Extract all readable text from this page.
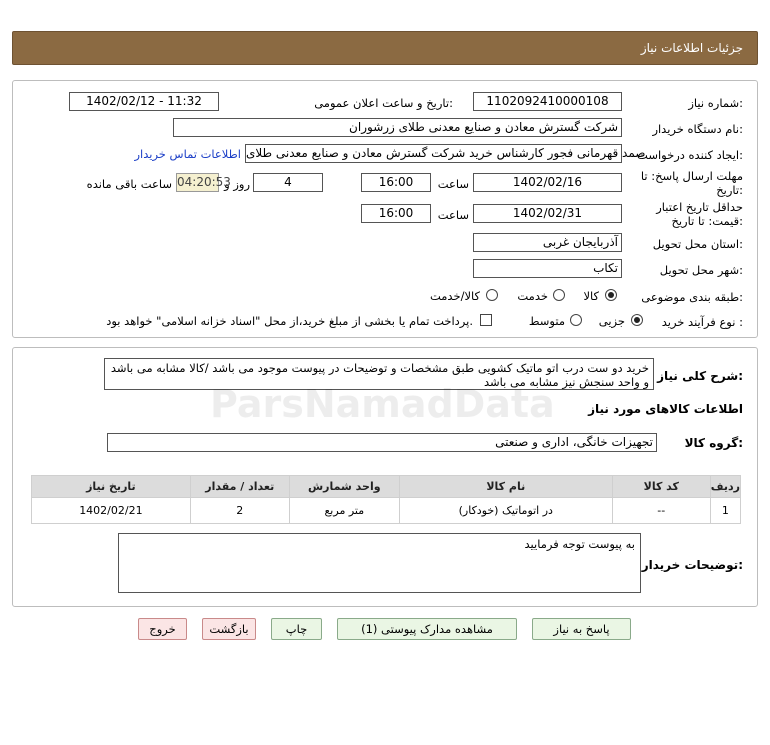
جزئیات اطلاعات نیاز
شماره نیاز:
1102092410000108
تاریخ و ساعت اعلان عمومی:
1402/02/12 - 11:32
نام دستگاه خریدار:
شرکت گسترش معادن و صنایع معدنی طلای زرشوران
ایجاد کننده درخواست:
صمد قهرمانی فجور کارشناس خرید شرکت گسترش معادن و صنایع معدنی طلای
اطلاعات تماس خریدار
مهلت ارسال پاسخ: تا
تاریخ:
1402/02/16
ساعت
16:00
4
روز و
04:20:53
ساعت باقی مانده
حداقل تاریخ اعتبار
قیمت: تا تاریخ:
1402/02/31
ساعت
16:00
استان محل تحویل:
آذربایجان غربی
شهر محل تحویل:
تکاب
طبقه بندی موضوعی:
کالا
خدمت
کالا/خدمت
نوع فرآیند خرید :
جزیی
متوسط
پرداخت تمام یا بخشی از مبلغ خرید،از محل "اسناد خزانه اسلامی" خواهد بود.
شرح کلی نیاز:
خرید دو ست درب اتو ماتیک کشویی طبق مشخصات و توضیحات در پیوست موجود می باشد /کالا مشابه می باشد و واحد سنجش نیز مشابه می باشد
اطلاعات کالاهای مورد نیاز
گروه کالا:
تجهیزات خانگی، اداری و صنعتی
ردیف	کد کالا	نام کالا	واحد شمارش	تعداد / مقدار	تاریخ نیاز
1	--	در اتوماتیک (خودکار)	متر مربع	2	1402/02/21
توضیحات خریدار:
به پیوست توجه فرمایید
پاسخ به نیاز
مشاهده مدارک پیوستی (1)
چاپ
بازگشت
خروج
